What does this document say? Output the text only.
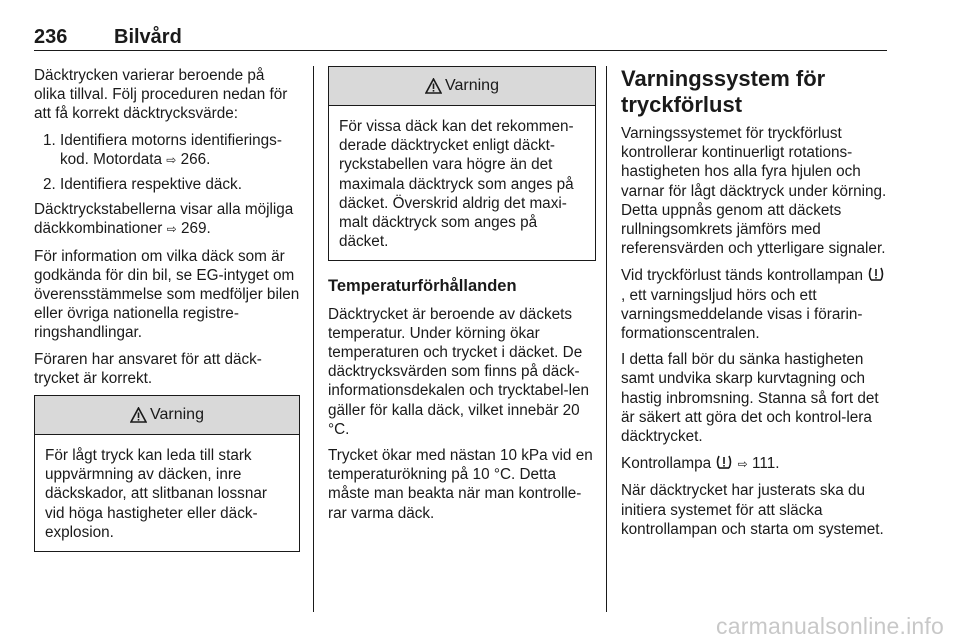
236 Bilvård

Däcktrycken varierar beroende på olika tillval. Följ proceduren nedan för att få korrekt däcktrycksvärde:

1. Identifiera motorns identifierings-kod. Motordata ⇨ 266.
2. Identifiera respektive däck.

Däcktryckstabellerna visar alla möjliga däckkombinationer ⇨ 269.

För information om vilka däck som är godkända för din bil, se EG-intyget om överensstämmelse som medföljer bilen eller övriga nationella registre-ringshandlingar.

Föraren har ansvaret för att däck-trycket är korrekt.

Varning
För lågt tryck kan leda till stark uppvärmning av däcken, inre däckskador, att slitbanan lossnar vid höga hastigheter eller däck-explosion.
Varning
För vissa däck kan det rekommen-derade däcktrycket enligt däckt-ryckstabellen vara högre än det maximala däcktryck som anges på däcket. Överskrid aldrig det maxi-malt däcktryck som anges på däcket.
Temperaturförhållanden

Däcktrycket är beroende av däckets temperatur. Under körning ökar temperaturen och trycket i däcket. De däcktrycksvärden som finns på däck-informationsdekalen och trycktabel-len gäller för kalla däck, vilket innebär 20 °C.

Trycket ökar med nästan 10 kPa vid en temperaturökning på 10 °C. Detta måste man beakta när man kontrolle-rar varma däck.

Varningssystem för tryckförlust

Varningssystemet för tryckförlust kontrollerar kontinuerligt rotations-hastigheten hos alla fyra hjulen och varnar för lågt däcktryck under körning. Detta uppnås genom att däckets rullningsomkrets jämförs med referensvärden och ytterligare signaler.

Vid tryckförlust tänds kontrollampan , ett varningsljud hörs och ett varningsmeddelande visas i förarin-formationscentralen.

I detta fall bör du sänka hastigheten samt undvika skarp kurvtagning och hastig inbromsning. Stanna så fort det är säkert att göra det och kontrol-lera däcktrycket.

Kontrollampa ⇨ 111.

När däcktrycket har justerats ska du initiera systemet för att släcka kontrollampan och starta om systemet.

carmanualsonline.info
